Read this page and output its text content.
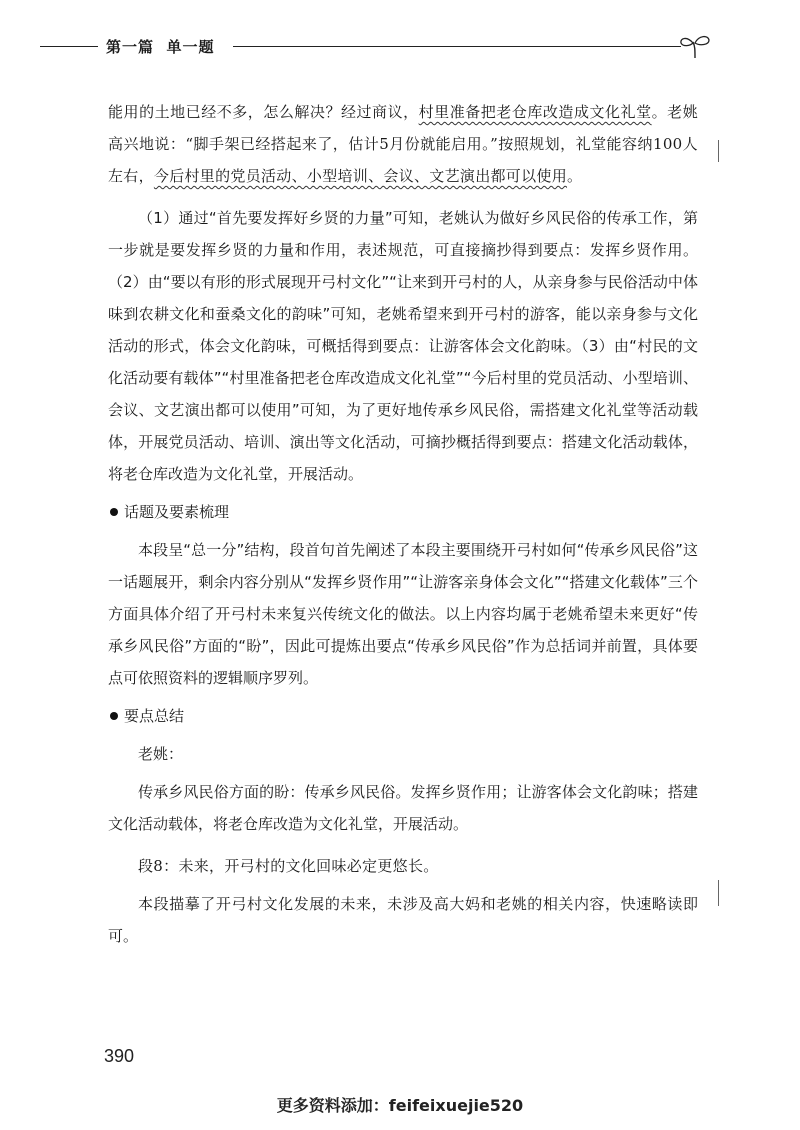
第一篇  单一题

能用的土地已经不多，怎么解决？经过商议，村里准备把老仓库改造成文化礼堂。老姚高兴地说：“脚手架已经搭起来了，估计5月份就能启用。”按照规划，礼堂能容纳100人左右，今后村里的党员活动、小型培训、会议、文艺演出都可以使用。

（1）通过“首先要发挥好乡贤的力量”可知，老姚认为做好乡风民俗的传承工作，第一步就是要发挥乡贤的力量和作用，表述规范，可直接摘抄得到要点：发挥乡贤作用。（2）由“要以有形的形式展现开弓村文化”“让来到开弓村的人，从亲身参与民俗活动中体味到农耕文化和蚕桑文化的韵味”可知，老姚希望来到开弓村的游客，能以亲身参与文化活动的形式，体会文化韵味，可概括得到要点：让游客体会文化韵味。（3）由“村民的文化活动要有载体”“村里准备把老仓库改造成文化礼堂”“今后村里的党员活动、小型培训、会议、文艺演出都可以使用”可知，为了更好地传承乡风民俗，需搭建文化礼堂等活动载体，开展党员活动、培训、演出等文化活动，可摘抄概括得到要点：搭建文化活动载体，将老仓库改造为文化礼堂，开展活动。

话题及要素梳理

本段呈“总一分”结构，段首句首先阐述了本段主要围绕开弓村如何“传承乡风民俗”这一话题展开，剩余内容分别从“发挥乡贤作用”“让游客亲身体会文化”“搭建文化载体”三个方面具体介绍了开弓村未来复兴传统文化的做法。以上内容均属于老姚希望未来更好“传承乡风民俗”方面的“盼”，因此可提炼出要点“传承乡风民俗”作为总括词并前置，具体要点可依照资料的逻辑顺序罗列。

要点总结

老姚：

传承乡风民俗方面的盼：传承乡风民俗。发挥乡贤作用；让游客体会文化韵味；搭建文化活动载体，将老仓库改造为文化礼堂，开展活动。

段8：未来，开弓村的文化回味必定更悠长。

本段描摹了开弓村文化发展的未来，未涉及高大妈和老姚的相关内容，快速略读即可。

390
更多资料添加：feifeixuejie520
